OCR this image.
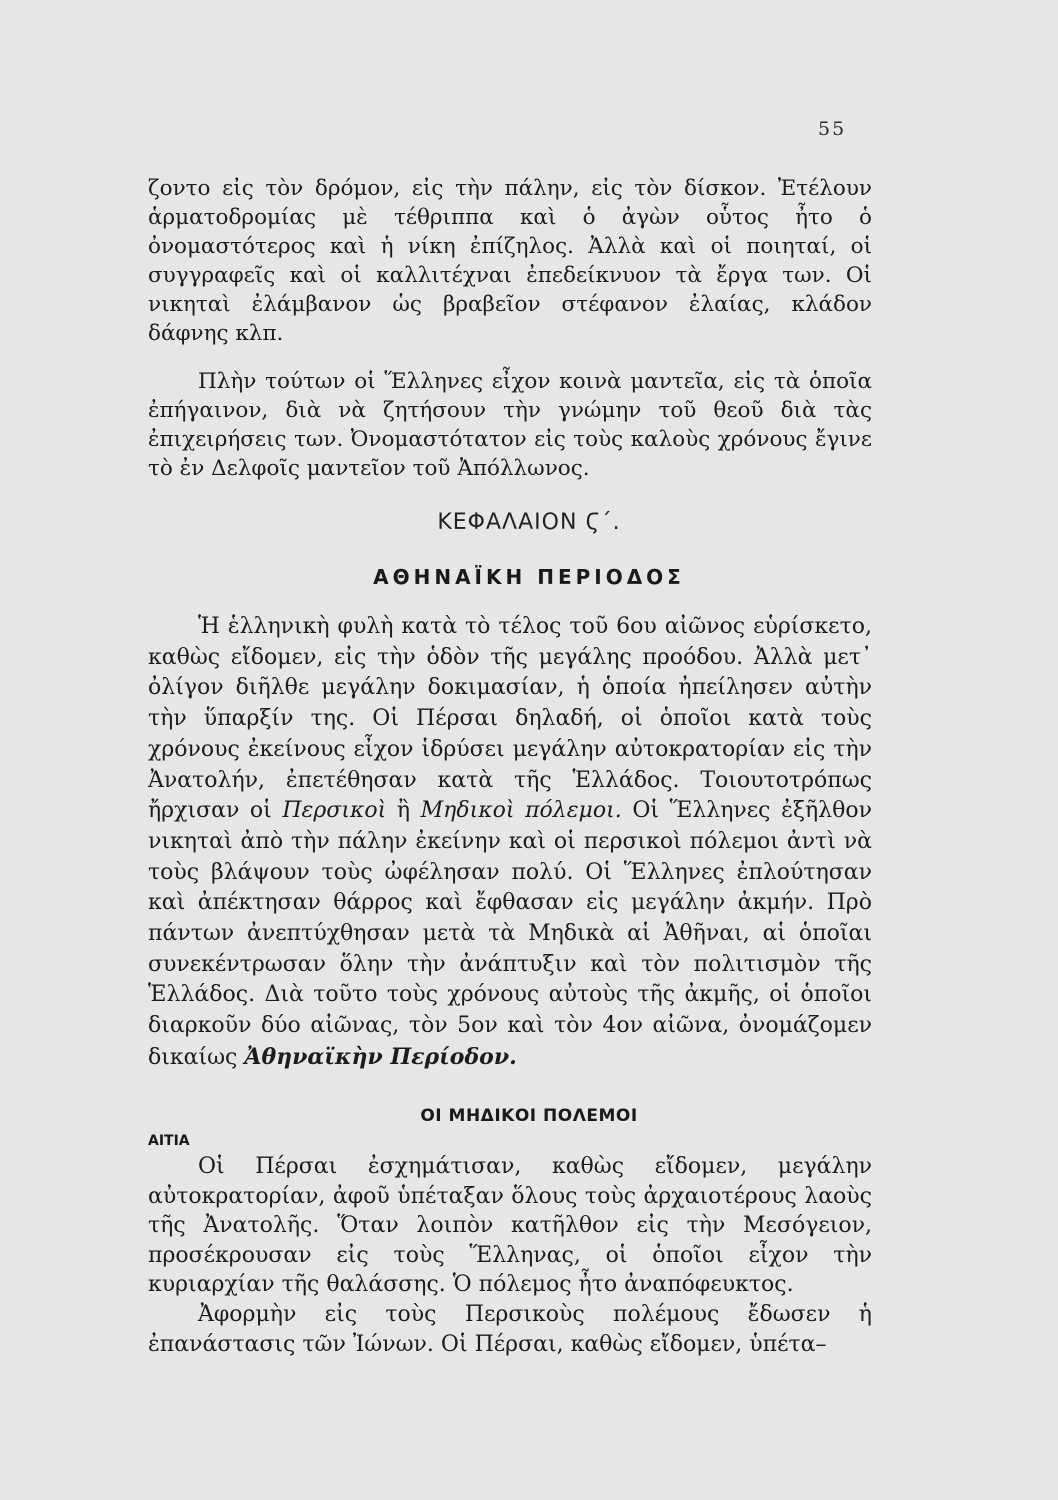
55

ζοντο εἰς τὸν δρόμον, εἰς τὴν πάλην, εἰς τὸν δίσκον. Ἐτέλουν ἁρματοδρομίας μὲ τέθριππα καὶ ὁ ἀγὼν οὗτος ἦτο ὁ ὀνομαστότερος καὶ ἡ νίκη ἐπίζηλος. Ἀλλὰ καὶ οἱ ποιηταί, οἱ συγγραφεῖς καὶ οἱ καλλιτέχναι ἐπεδείκνυον τὰ ἔργα των. Οἱ νικηταὶ ἐλάμβανον ὡς βραβεῖον στέφανον ἐλαίας, κλάδον δάφνης κλπ.

Πλὴν τούτων οἱ Ἕλληνες εἶχον κοινὰ μαντεῖα, εἰς τὰ ὁποῖα ἐπήγαινον, διὰ νὰ ζητήσουν τὴν γνώμην τοῦ θεοῦ διὰ τὰς ἐπιχειρήσεις των. Ὀνομαστότατον εἰς τοὺς καλοὺς χρόνους ἔγινε τὸ ἐν Δελφοῖς μαντεῖον τοῦ Ἀπόλλωνος.

ΚΕΦΑΛΑΙΟΝ Ϛ΄.
ΑΘΗΝΑΪΚΗ ΠΕΡΙΟΔΟΣ

Ἡ ἑλληνικὴ φυλὴ κατὰ τὸ τέλος τοῦ 6ου αἰῶνος εὑρίσκετο, καθὼς εἴδομεν, εἰς τὴν ὁδὸν τῆς μεγάλης προόδου. Ἀλλὰ μετ᾿ ὀλίγον διῆλθε μεγάλην δοκιμασίαν, ἡ ὁποία ἠπείλησεν αὐτὴν τὴν ὕπαρξίν της. Οἱ Πέρσαι δηλαδή, οἱ ὁποῖοι κατὰ τοὺς χρόνους ἐκείνους εἶχον ἱδρύσει μεγάλην αὐτοκρατορίαν εἰς τὴν Ἀνατολήν, ἐπετέθησαν κατὰ τῆς Ἑλλάδος. Τοιουτοτρόπως ἤρχισαν οἱ Περσικοὶ ἢ Μηδικοὶ πόλεμοι. Οἱ Ἕλληνες ἐξῆλθον νικηταὶ ἀπὸ τὴν πάλην ἐκείνην καὶ οἱ περσικοὶ πόλεμοι ἀντὶ νὰ τοὺς βλάψουν τοὺς ὠφέλησαν πολύ. Οἱ Ἕλληνες ἐπλούτησαν καὶ ἀπέκτησαν θάρρος καὶ ἔφθασαν εἰς μεγάλην ἀκμήν. Πρὸ πάντων ἀνεπτύχθησαν μετὰ τὰ Μηδικὰ αἱ Ἀθῆναι, αἱ ὁποῖαι συνεκέντρωσαν ὅλην τὴν ἀνάπτυξιν καὶ τὸν πολιτισμὸν τῆς Ἑλλάδος. Διὰ τοῦτο τοὺς χρόνους αὐτοὺς τῆς ἀκμῆς, οἱ ὁποῖοι διαρκοῦν δύο αἰῶνας, τὸν 5ον καὶ τὸν 4ον αἰῶνα, ὀνομάζομεν δικαίως Ἀθηναϊκὴν Περίοδον.

ΟΙ ΜΗΔΙΚΟΙ ΠΟΛΕΜΟΙ
ΑΙΤΙΑ

Οἱ Πέρσαι ἐσχημάτισαν, καθὼς εἴδομεν, μεγάλην αὐτοκρατορίαν, ἀφοῦ ὑπέταξαν ὅλους τοὺς ἀρχαιοτέρους λαοὺς τῆς Ἀνατολῆς. Ὅταν λοιπὸν κατῆλθον εἰς τὴν Μεσόγειον, προσέκρουσαν εἰς τοὺς Ἕλληνας, οἱ ὁποῖοι εἶχον τὴν κυριαρχίαν τῆς θαλάσσης. Ὁ πόλεμος ἦτο ἀναπόφευκτος.

Ἀφορμὴν εἰς τοὺς Περσικοὺς πολέμους ἔδωσεν ἡ ἐπανάστασις τῶν Ἰώνων. Οἱ Πέρσαι, καθὼς εἴδομεν, ὑπέτα–
